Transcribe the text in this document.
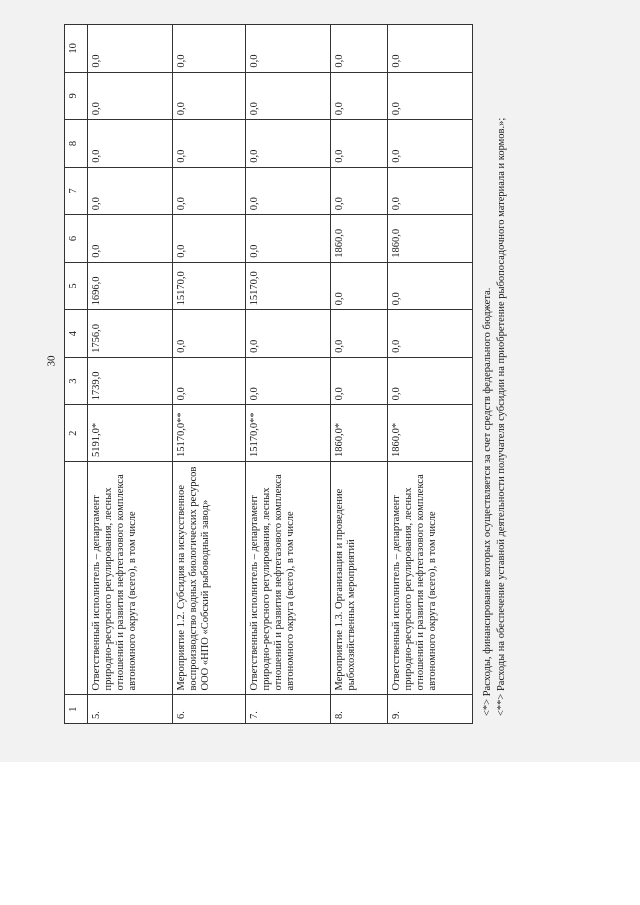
30
1		2	3	4	5	6	7	8	9	10
5.	Ответственный исполнитель – департамент природно-ресурсного регулирования, лесных отношений и развития нефтегазового комплекса автономного округа (всего), в том числе	5191,0*	1739,0	1756,0	1696,0	0,0	0,0	0,0	0,0	0,0
6.	Мероприятие 1.2. Субсидия на искусственное воспроизводство водных биологических ресурсов ООО «НПО «Собский рыбоводный завод»	15170,0**	0,0	0,0	15170,0	0,0	0,0	0,0	0,0	0,0
7.	Ответственный исполнитель – департамент природно-ресурсного регулирования, лесных отношений и развития нефтегазового комплекса автономного округа (всего), в том числе	15170,0**	0,0	0,0	15170,0	0,0	0,0	0,0	0,0	0,0
8.	Мероприятие 1.3. Организация и проведение рыбохозяйственных мероприятий	1860,0*	0,0	0,0	0,0	1860,0	0,0	0,0	0,0	0,0
9.	Ответственный исполнитель – департамент природно-ресурсного регулирования, лесных отношений и развития нефтегазового комплекса автономного округа (всего), в том числе	1860,0*	0,0	0,0	0,0	1860,0	0,0	0,0	0,0	0,0
<*> Расходы, финансирование которых осуществляется за счет средств федерального бюджета. <**> Расходы на обеспечение уставной деятельности получателя субсидии на приобретение рыбопосадочного материала и кормов.»;
